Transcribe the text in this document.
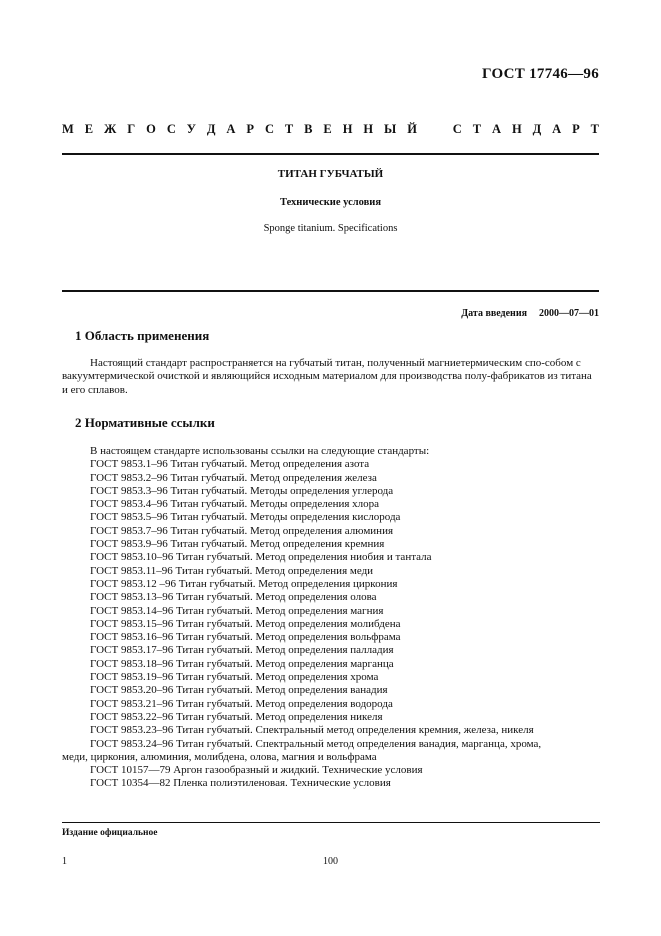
ГОСТ 17746—96
М Е Ж Г О С У Д А Р С Т В Е Н Н Ы Й	С Т А Н Д А Р Т
ТИТАН ГУБЧАТЫЙ
Технические условия
Sponge titanium. Specifications
Дата введения 2000—07—01
1 Область применения
Настоящий стандарт распространяется на губчатый титан, полученный магниетермическим спо-собом с вакуумтермической очисткой и являющийся исходным материалом для производства полу-фабрикатов из титана и его сплавов.
2 Нормативные ссылки
В настоящем стандарте использованы ссылки на следующие стандарты:
ГОСТ 9853.1–96 Титан губчатый. Метод определения азота
ГОСТ 9853.2–96 Титан губчатый. Метод определения железа
ГОСТ 9853.3–96 Титан губчатый. Методы определения углерода
ГОСТ 9853.4–96 Титан губчатый. Методы определения хлора
ГОСТ 9853.5–96 Титан губчатый. Методы определения кислорода
ГОСТ 9853.7–96 Титан губчатый. Метод определения алюминия
ГОСТ 9853.9–96 Титан губчатый. Метод определения кремния
ГОСТ 9853.10–96 Титан губчатый. Метод определения ниобия и тантала
ГОСТ 9853.11–96 Титан губчатый. Метод определения меди
ГОСТ 9853.12 –96 Титан губчатый. Метод определения циркония
ГОСТ 9853.13–96 Титан губчатый. Метод определения олова
ГОСТ 9853.14–96 Титан губчатый. Метод определения магния
ГОСТ 9853.15–96 Титан губчатый. Метод определения молибдена
ГОСТ 9853.16–96 Титан губчатый. Метод определения вольфрама
ГОСТ 9853.17–96 Титан губчатый. Метод определения палладия
ГОСТ 9853.18–96 Титан губчатый. Метод определения марганца
ГОСТ 9853.19–96 Титан губчатый. Метод определения хрома
ГОСТ 9853.20–96 Титан губчатый. Метод определения ванадия
ГОСТ 9853.21–96 Титан губчатый. Метод определения водорода
ГОСТ 9853.22–96 Титан губчатый. Метод определения никеля
ГОСТ 9853.23–96 Титан губчатый. Спектральный метод определения кремния, железа, никеля
ГОСТ 9853.24–96 Титан губчатый. Спектральный метод определения ванадия, марганца, хрома,
меди, циркония, алюминия, молибдена, олова, магния и вольфрама
ГОСТ 10157—79 Аргон газообразный и жидкий. Технические условия
ГОСТ 10354—82 Пленка полиэтиленовая. Технические условия
Издание официальное
1	100
